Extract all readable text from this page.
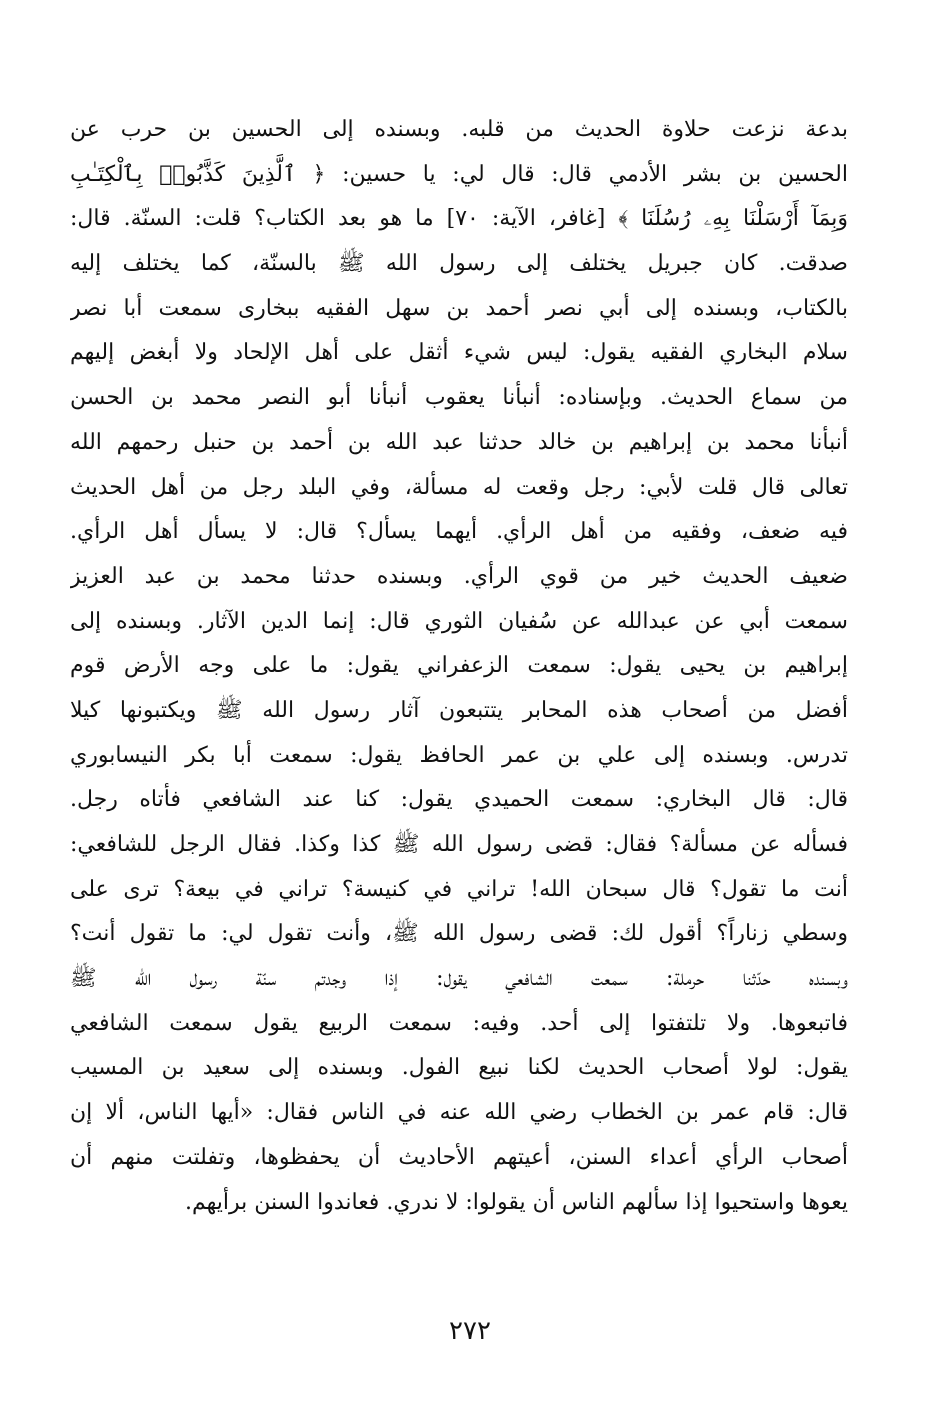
بدعة نزعت حلاوة الحديث من قلبه. وبسنده إلى الحسين بن حرب عن
الحسين بن بشر الأدمي قال: قال لي: يا حسين: ﴿ ٱلَّذِينَ كَذَّبُوا۟ بِٱلْكِتَـٰبِ
وَبِمَآ أَرْسَلْنَا بِهِۦ رُسُلَنَا ﴾ [غافر، الآية: ٧٠] ما هو بعد الكتاب؟ قلت: السنّة. قال:
صدقت. كان جبريل يختلف إلى رسول الله ﷺ بالسنّة، كما يختلف إليه
بالكتاب، وبسنده إلى أبي نصر أحمد بن سهل الفقيه ببخارى سمعت أبا نصر
سلام البخاري الفقيه يقول: ليس شيء أثقل على أهل الإلحاد ولا أبغض إليهم
من سماع الحديث. وبإسناده: أنبأنا يعقوب أنبأنا أبو النصر محمد بن الحسن
أنبأنا محمد بن إبراهيم بن خالد حدثنا عبد الله بن أحمد بن حنبل رحمهم الله
تعالى قال قلت لأبي: رجل وقعت له مسألة، وفي البلد رجل من أهل الحديث
فيه ضعف، وفقيه من أهل الرأي. أيهما يسأل؟ قال: لا يسأل أهل الرأي.
ضعيف الحديث خير من قوي الرأي. وبسنده حدثنا محمد بن عبد العزيز
سمعت أبي عن عبدالله عن سُفيان الثوري قال: إنما الدين الآثار. وبسنده إلى
إبراهيم بن يحيى يقول: سمعت الزعفراني يقول: ما على وجه الأرض قوم
أفضل من أصحاب هذه المحابر يتتبعون آثار رسول الله ﷺ ويكتبونها كيلا
تدرس. وبسنده إلى علي بن عمر الحافظ يقول: سمعت أبا بكر النيسابوري
قال: قال البخاري: سمعت الحميدي يقول: كنا عند الشافعي فأتاه رجل.
فسأله عن مسألة؟ فقال: قضى رسول الله ﷺ كذا وكذا. فقال الرجل للشافعي:
أنت ما تقول؟ قال سبحان الله! تراني في كنيسة؟ تراني في بيعة؟ ترى على
وسطي زناراً؟ أقول لك: قضى رسول الله ﷺ، وأنت تقول لي: ما تقول أنت؟
وبسنده حدّثنا حرملة: سمعت الشافعي يقول: إذا وجدتم سنّة رسول الله ﷺ
فاتبعوها. ولا تلتفتوا إلى أحد. وفيه: سمعت الربيع يقول سمعت الشافعي
يقول: لولا أصحاب الحديث لكنا نبيع الفول. وبسنده إلى سعيد بن المسيب
قال: قام عمر بن الخطاب رضي الله عنه في الناس فقال: «أيها الناس، ألا إن
أصحاب الرأي أعداء السنن، أعيتهم الأحاديث أن يحفظوها، وتفلتت منهم أن
يعوها واستحيوا إذا سألهم الناس أن يقولوا: لا ندري. فعاندوا السنن برأيهم.
٢٧٢
